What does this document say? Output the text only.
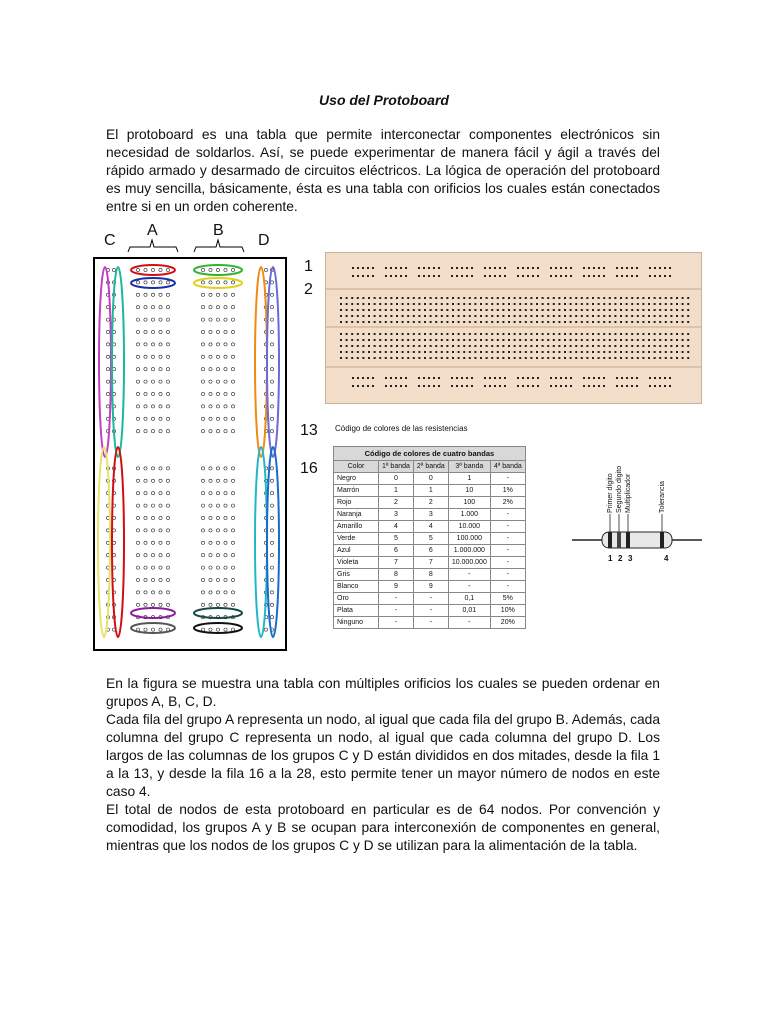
Uso del Protoboard

El protoboard es una tabla que permite interconectar componentes electrónicos sin necesidad de soldarlos. Así, se puede experimentar de manera fácil y ágil a través del rápido armado y desarmado de circuitos eléctricos. La lógica de operación del protoboard es muy sencilla, básicamente, ésta es una tabla con orificios los cuales están conectados entre si en un orden coherente.

C
A	B
D
1
2
13
16
Código de colores de las resistencias
Código de colores de cuatro bandas				
Color	1ª banda	2ª banda	3ª banda	4ª banda
Negro	0	0	1	-
Marrón	1	1	10	1%
Rojo	2	2	100	2%
Naranja	3	3	1.000	-
Amarillo	4	4	10.000	-
Verde	5	5	100.000	-
Azul	6	6	1.000.000	-
Violeta	7	7	10.000.000	-
Gris	8	8	-	-
Blanco	9	9	-	-
Oro	-	-	0,1	5%
Plata	-	-	0,01	10%
Ninguno	-	-	-	20%
Primer dígito Segundo dígito Multiplicador	Tolerancia
1 2 3	4

En la figura se muestra una tabla con múltiples orificios los cuales se pueden ordenar en grupos A, B, C, D.

Cada fila del grupo A representa un nodo, al igual que cada fila del grupo B. Además, cada columna del grupo C representa un nodo, al igual que cada columna del grupo D. Los largos de las columnas de los grupos C y D están divididos en dos mitades, desde la fila 1 a la 13, y desde la fila 16 a la 28, esto permite tener un mayor número de nodos en este caso 4.

El total de nodos de esta protoboard en particular es de 64 nodos. Por convención y comodidad, los grupos A y B se ocupan para interconexión de componentes en general, mientras que los nodos de los grupos C y D se utilizan para la alimentación de la tabla.
